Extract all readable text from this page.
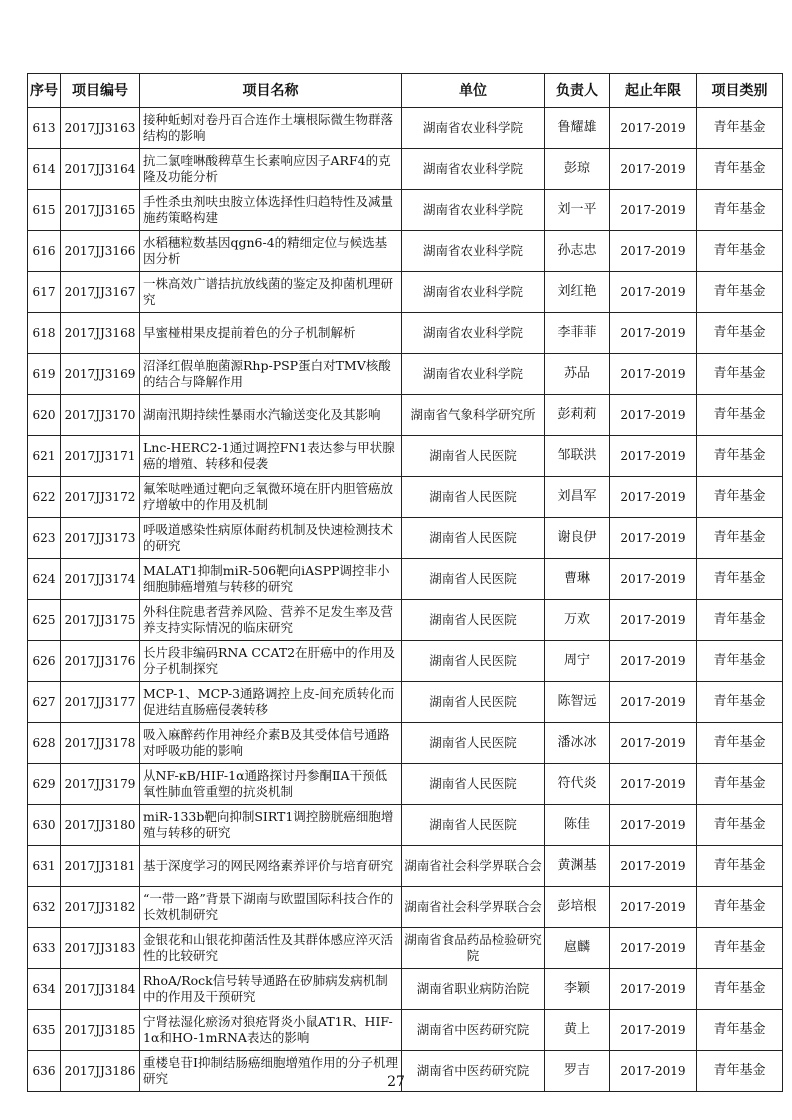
序号	项目编号	项目名称	单位	负责人	起止年限	项目类别
613	2017JJ3163	接种蚯蚓对卷丹百合连作土壤根际微生物群落结构的影响	湖南省农业科学院	鲁耀雄	2017-2019	青年基金
614	2017JJ3164	抗二氯喹啉酸稗草生长素响应因子ARF4的克隆及功能分析	湖南省农业科学院	彭琼	2017-2019	青年基金
615	2017JJ3165	手性杀虫剂呋虫胺立体选择性归趋特性及减量施药策略构建	湖南省农业科学院	刘一平	2017-2019	青年基金
616	2017JJ3166	水稻穗粒数基因qgn6-4的精细定位与候选基因分析	湖南省农业科学院	孙志忠	2017-2019	青年基金
617	2017JJ3167	一株高效广谱拮抗放线菌的鉴定及抑菌机理研究	湖南省农业科学院	刘红艳	2017-2019	青年基金
618	2017JJ3168	早蜜椪柑果皮提前着色的分子机制解析	湖南省农业科学院	李菲菲	2017-2019	青年基金
619	2017JJ3169	沼泽红假单胞菌源Rhp-PSP蛋白对TMV核酸的结合与降解作用	湖南省农业科学院	苏品	2017-2019	青年基金
620	2017JJ3170	湖南汛期持续性暴雨水汽输送变化及其影响	湖南省气象科学研究所	彭莉莉	2017-2019	青年基金
621	2017JJ3171	Lnc-HERC2-1通过调控FN1表达参与甲状腺癌的增殖、转移和侵袭	湖南省人民医院	邹联洪	2017-2019	青年基金
622	2017JJ3172	氟笨哒唑通过靶向乏氧微环境在肝内胆管癌放疗增敏中的作用及机制	湖南省人民医院	刘昌军	2017-2019	青年基金
623	2017JJ3173	呼吸道感染性病原体耐药机制及快速检测技术的研究	湖南省人民医院	谢良伊	2017-2019	青年基金
624	2017JJ3174	MALAT1抑制miR-506靶向iASPP调控非小细胞肺癌增殖与转移的研究	湖南省人民医院	曹琳	2017-2019	青年基金
625	2017JJ3175	外科住院患者营养风险、营养不足发生率及营养支持实际情况的临床研究	湖南省人民医院	万欢	2017-2019	青年基金
626	2017JJ3176	长片段非编码RNA CCAT2在肝癌中的作用及分子机制探究	湖南省人民医院	周宁	2017-2019	青年基金
627	2017JJ3177	MCP-1、MCP-3通路调控上皮-间充质转化而促进结直肠癌侵袭转移	湖南省人民医院	陈智远	2017-2019	青年基金
628	2017JJ3178	吸入麻醉药作用神经介素B及其受体信号通路对呼吸功能的影响	湖南省人民医院	潘冰冰	2017-2019	青年基金
629	2017JJ3179	从NF-κB/HIF-1α通路探讨丹参酮ⅡA干预低氧性肺血管重塑的抗炎机制	湖南省人民医院	符代炎	2017-2019	青年基金
630	2017JJ3180	miR-133b靶向抑制SIRT1调控膀胱癌细胞增殖与转移的研究	湖南省人民医院	陈佳	2017-2019	青年基金
631	2017JJ3181	基于深度学习的网民网络素养评价与培育研究	湖南省社会科学界联合会	黄渊基	2017-2019	青年基金
632	2017JJ3182	“一带一路”背景下湖南与欧盟国际科技合作的长效机制研究	湖南省社会科学界联合会	彭培根	2017-2019	青年基金
633	2017JJ3183	金银花和山银花抑菌活性及其群体感应淬灭活性的比较研究	湖南省食品药品检验研究院	扈麟	2017-2019	青年基金
634	2017JJ3184	RhoA/Rock信号转导通路在矽肺病发病机制中的作用及干预研究	湖南省职业病防治院	李颖	2017-2019	青年基金
635	2017JJ3185	宁肾祛湿化瘀汤对狼疮肾炎小鼠AT1R、HIF-1α和HO-1mRNA表达的影响	湖南省中医药研究院	黄上	2017-2019	青年基金
636	2017JJ3186	重楼皂苷Ⅰ抑制结肠癌细胞增殖作用的分子机理研究	湖南省中医药研究院	罗吉	2017-2019	青年基金
27
